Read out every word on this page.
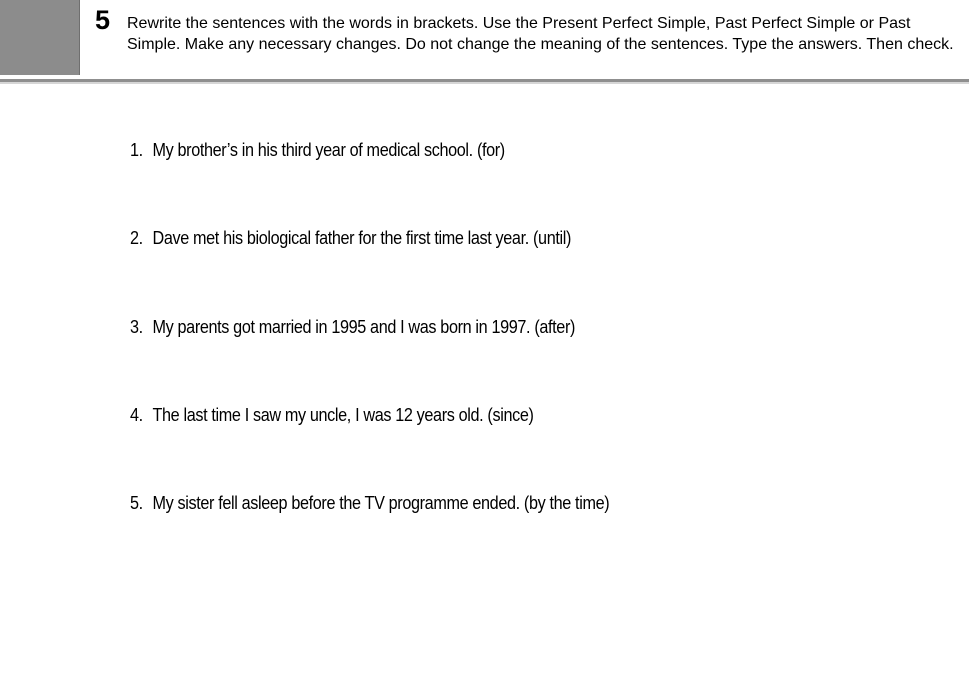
5 Rewrite the sentences with the words in brackets. Use the Present Perfect Simple, Past Perfect Simple or Past Simple. Make any necessary changes. Do not change the meaning of the sentences. Type the answers. Then check.

1. My brother’s in his third year of medical school. (for)
2. Dave met his biological father for the first time last year. (until)
3. My parents got married in 1995 and I was born in 1997. (after)
4. The last time I saw my uncle, I was 12 years old. (since)
5. My sister fell asleep before the TV programme ended. (by the time)
